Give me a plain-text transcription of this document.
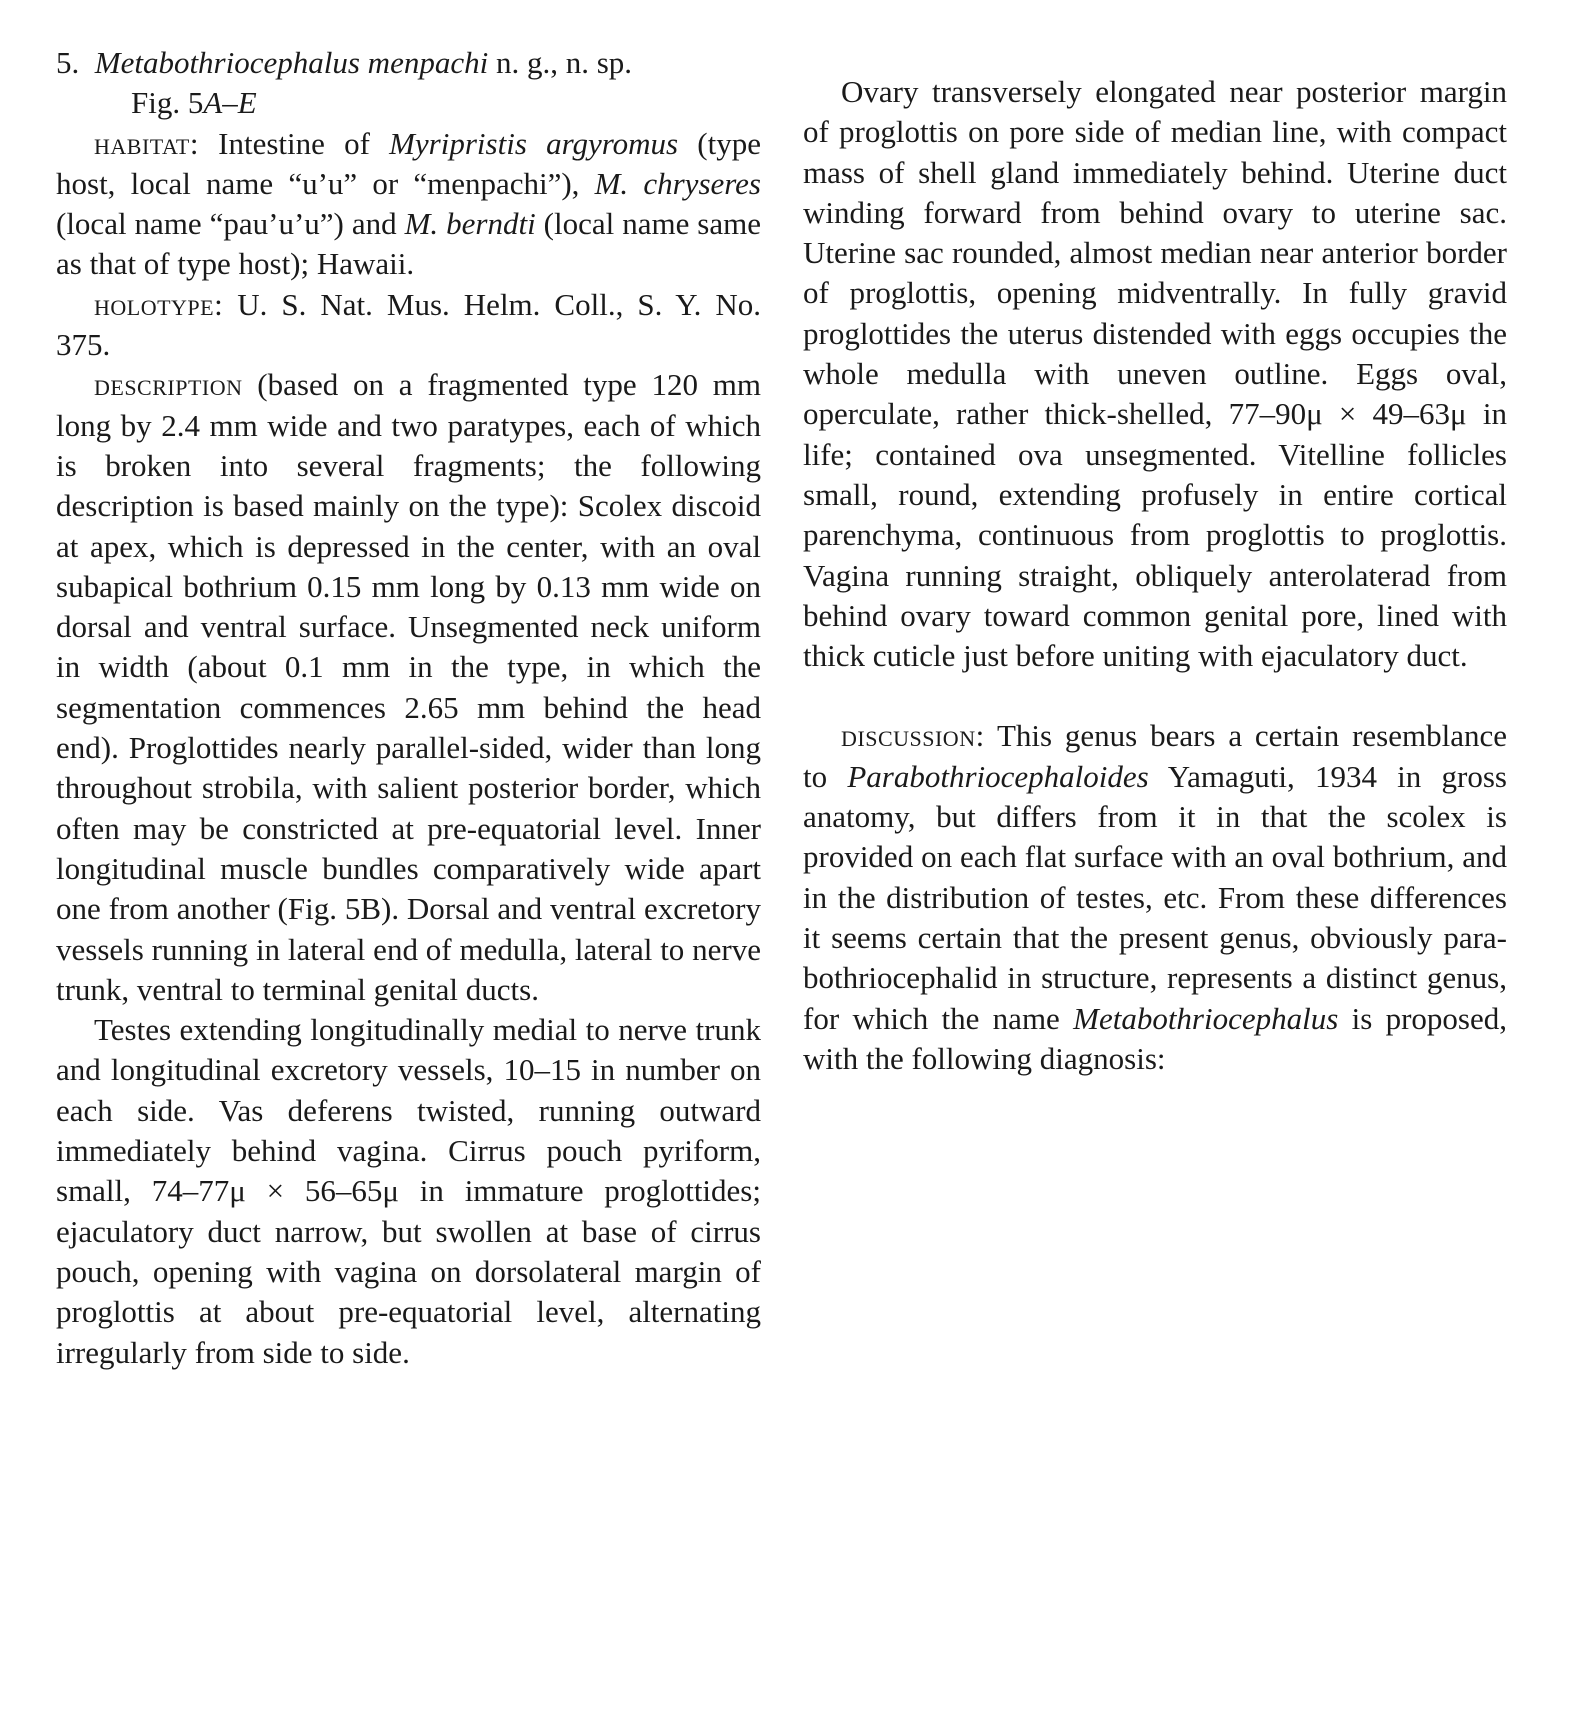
5. Metabothriocephalus menpachi n. g., n. sp.

Fig. 5A–E

habitat: Intestine of Myripristis argyromus (type host, local name “u’u” or “menpachi”), M. chryseres (local name “pau’u’u”) and M. berndti (local name same as that of type host); Hawaii.

holotype: U. S. Nat. Mus. Helm. Coll., S. Y. No. 375.

description (based on a fragmented type 120 mm long by 2.4 mm wide and two paratypes, each of which is broken into several fragments; the following description is based mainly on the type): Scolex discoid at apex, which is depressed in the center, with an oval subapical bothrium 0.15 mm long by 0.13 mm wide on dorsal and ventral surface. Unsegmented neck uniform in width (about 0.1 mm in the type, in which the segmentation commences 2.65 mm behind the head end). Proglottides nearly parallel-sided, wider than long throughout strobila, with salient posterior border, which often may be constricted at pre-equatorial level. Inner longitudinal muscle bundles comparatively wide apart one from another (Fig. 5B). Dorsal and ventral excretory vessels running in lateral end of medulla, lateral to nerve trunk, ventral to terminal genital ducts.

Testes extending longitudinally medial to nerve trunk and longitudinal excretory vessels, 10–15 in number on each side. Vas deferens twisted, running outward immediately behind vagina. Cirrus pouch pyriform, small, 74–77μ × 56–65μ in immature proglottides; ejaculatory duct narrow, but swollen at base of cirrus pouch, opening with vagina on dorsolateral margin of proglottis at about pre-equatorial level, alternating irregularly from side to side.

Ovary transversely elongated near posterior margin of proglottis on pore side of median line, with compact mass of shell gland immediately behind. Uterine duct winding forward from behind ovary to uterine sac. Uterine sac rounded, almost median near anterior border of proglottis, opening midventrally. In fully gravid proglottides the uterus distended with eggs occupies the whole medulla with uneven outline. Eggs oval, operculate, rather thick-shelled, 77–90μ × 49–63μ in life; contained ova unsegmented. Vitelline follicles small, round, extending profusely in entire cortical parenchyma, continuous from proglottis to proglottis. Vagina running straight, obliquely anterolaterad from behind ovary toward common genital pore, lined with thick cuticle just before uniting with ejaculatory duct.

discussion: This genus bears a certain resemblance to Parabothriocephaloides Yamaguti, 1934 in gross anatomy, but differs from it in that the scolex is provided on each flat surface with an oval bothrium, and in the distribution of testes, etc. From these differences it seems certain that the present genus, obviously parabothriocephalid in structure, represents a distinct genus, for which the name Metabothriocephalus is proposed, with the following diagnosis:
